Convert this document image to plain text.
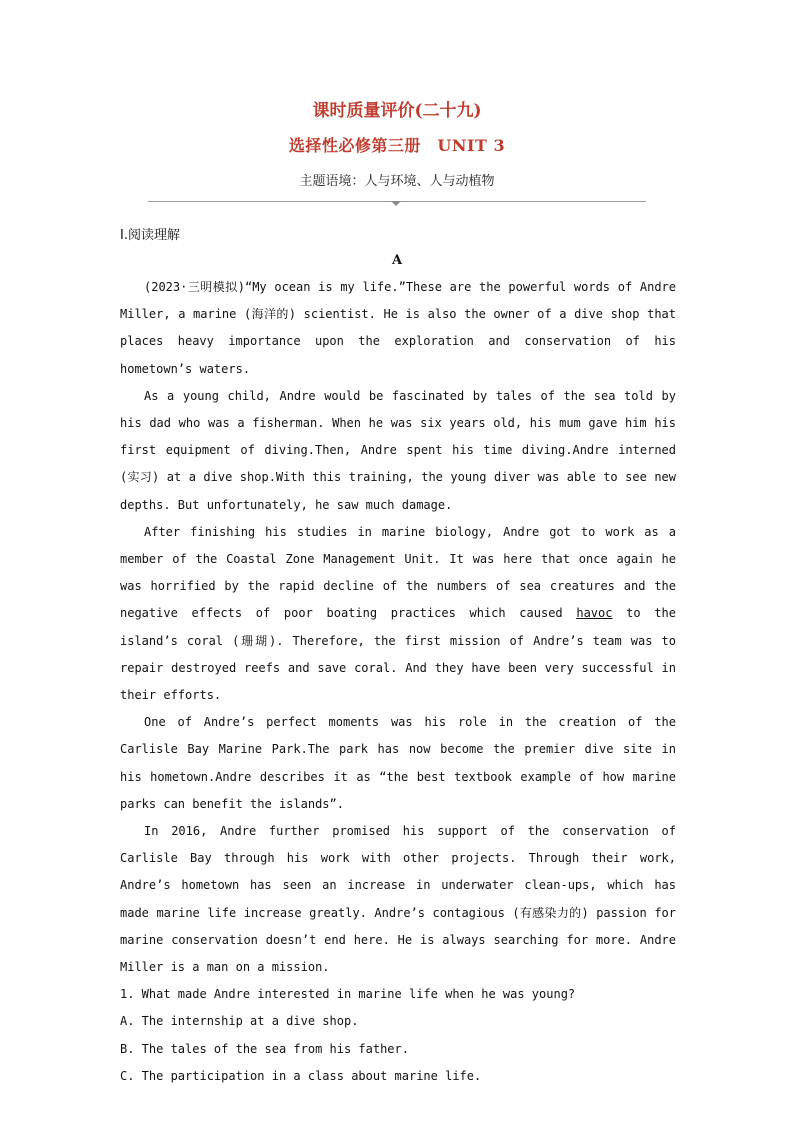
课时质量评价(二十九)
选择性必修第三册　UNIT 3
主题语境：人与环境、人与动植物
Ⅰ.阅读理解
A

(2023·三明模拟)“My ocean is my life.”These are the powerful words of Andre Miller, a marine (海洋的) scientist. He is also the owner of a dive shop that places heavy importance upon the exploration and conservation of his hometown’s waters.

As a young child, Andre would be fascinated by tales of the sea told by his dad who was a fisherman. When he was six years old, his mum gave him his first equipment of diving.Then, Andre spent his time diving.Andre interned (实习) at a dive shop.With this training, the young diver was able to see new depths. But unfortunately, he saw much damage.

After finishing his studies in marine biology, Andre got to work as a member of the Coastal Zone Management Unit. It was here that once again he was horrified by the rapid decline of the numbers of sea creatures and the negative effects of poor boating practices which caused havoc to the island’s coral (珊瑚). Therefore, the first mission of Andre’s team was to repair destroyed reefs and save coral. And they have been very successful in their efforts.

One of Andre’s perfect moments was his role in the creation of the Carlisle Bay Marine Park.The park has now become the premier dive site in his hometown.Andre describes it as “the best textbook example of how marine parks can benefit the islands”.

In 2016, Andre further promised his support of the conservation of Carlisle Bay through his work with other projects. Through their work, Andre’s hometown has seen an increase in underwater clean-ups, which has made marine life increase greatly. Andre’s contagious (有感染力的) passion for marine conservation doesn’t end here. He is always searching for more. Andre Miller is a man on a mission.

1. What made Andre interested in marine life when he was young?

A. The internship at a dive shop.

B. The tales of the sea from his father.

C. The participation in a class about marine life.
